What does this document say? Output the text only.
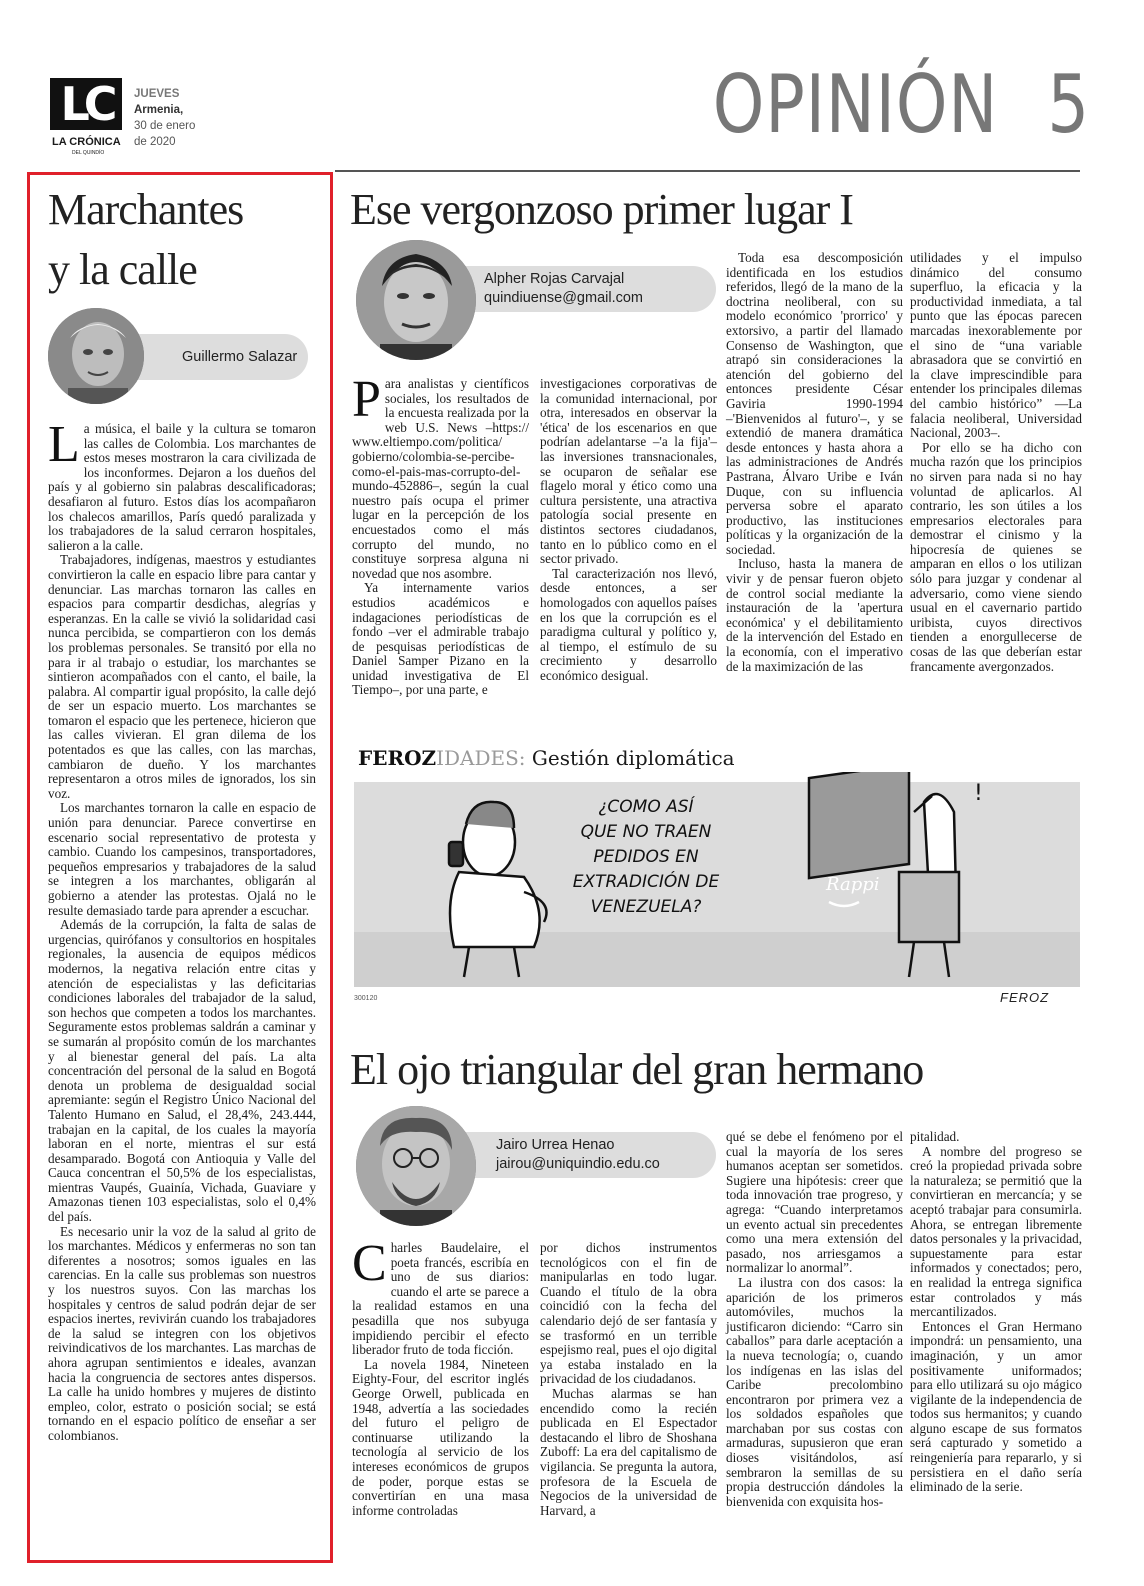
LC
LA CRÓNICA
DEL QUINDÍO
JUEVES
Armenia,
30 de enero
de 2020	OPINIÓN 5
Marchantes
y la calle
Guillermo Salazar

La música, el baile y la cultura se tomaron las calles de Colombia. Los marchantes de estos meses mostraron la cara civilizada de los inconformes. Dejaron a los dueños del país y al gobierno sin palabras descalificadoras; desafiaron al futuro. Estos días los acompañaron los chalecos amarillos, París quedó paralizada y los trabajadores de la salud cerraron hospitales, salieron a la calle.

Trabajadores, indígenas, maestros y estudiantes convirtieron la calle en espacio libre para cantar y denunciar. Las marchas tornaron las calles en espacios para compartir desdichas, alegrías y esperanzas. En la calle se vivió la solidaridad casi nunca percibida, se compartieron con los demás los problemas personales. Se transitó por ella no para ir al trabajo o estudiar, los marchantes se sintieron acompañados con el canto, el baile, la palabra. Al compartir igual propósito, la calle dejó de ser un espacio muerto. Los marchantes se tomaron el espacio que les pertenece, hicieron que las calles vivieran. El gran dilema de los potentados es que las calles, con las marchas, cambiaron de dueño. Y los marchantes representaron a otros miles de ignorados, los sin voz.

Los marchantes tornaron la calle en espacio de unión para denunciar. Parece convertirse en escenario social representativo de protesta y cambio. Cuando los campesinos, transportadores, pequeños empresarios y trabajadores de la salud se integren a los marchantes, obligarán al gobierno a atender las protestas. Ojalá no le resulte demasiado tarde para aprender a escuchar.

Además de la corrupción, la falta de salas de urgencias, quirófanos y consultorios en hospitales regionales, la ausencia de equipos médicos modernos, la negativa relación entre citas y atención de especialistas y las deficitarias condiciones laborales del trabajador de la salud, son hechos que competen a todos los marchantes. Seguramente estos problemas saldrán a caminar y se sumarán al propósito común de los marchantes y al bienestar general del país. La alta concentración del personal de la salud en Bogotá denota un problema de desigualdad social apremiante: según el Registro Único Nacional del Talento Humano en Salud, el 28,4%, 243.444, trabajan en la capital, de los cuales la mayoría laboran en el norte, mientras el sur está desamparado. Bogotá con Antioquia y Valle del Cauca concentran el 50,5% de los especialistas, mientras Vaupés, Guainía, Vichada, Guaviare y Amazonas tienen 103 especialistas, solo el 0,4% del país.

Es necesario unir la voz de la salud al grito de los marchantes. Médicos y enfermeras no son tan diferentes a nosotros; somos iguales en las carencias. En la calle sus problemas son nuestros y los nuestros suyos. Con las marchas los hospitales y centros de salud podrán dejar de ser espacios inertes, revivirán cuando los trabajadores de la salud se integren con los objetivos reivindicativos de los marchantes. Las marchas de ahora agrupan sentimientos e ideales, avanzan hacia la congruencia de sectores antes dispersos. La calle ha unido hombres y mujeres de distinto empleo, color, estrato o posición social; se está tornando en el espacio político de enseñar a ser colombianos.

Ese vergonzoso primer lugar I
Alpher Rojas Carvajal
quindiuense@gmail.com

Para analistas y científicos sociales, los resultados de la encuesta realizada por la web U.S. News –https:// www.eltiempo.com/politica/ gobierno/colombia-se-percibe-como-el-pais-mas-corrupto-del-mundo-452886–, según la cual nuestro país ocupa el primer lugar en la percepción de los encuestados como el más corrupto del mundo, no constituye sorpresa alguna ni novedad que nos asombre.

Ya internamente varios estudios académicos e indagaciones periodísticas de fondo –ver el admirable trabajo de pesquisas periodísticas de Daniel Samper Pizano en la unidad investigativa de El Tiempo–, por una parte, e

investigaciones corporativas de la comunidad internacional, por otra, interesados en observar la 'ética' de los escenarios en que podrían adelantarse –'a la fija'– las inversiones transnacionales, se ocuparon de señalar ese flagelo moral y ético como una cultura persistente, una atractiva patología social presente en distintos sectores ciudadanos, tanto en lo público como en el sector privado.

Tal caracterización nos llevó, desde entonces, a ser homologados con aquellos países en los que la corrupción es el paradigma cultural y político y, al tiempo, el estímulo de su crecimiento y desarrollo económico desigual.

Toda esa descomposición identificada en los estudios referidos, llegó de la mano de la doctrina neoliberal, con su modelo económico 'prorrico' y extorsivo, a partir del llamado Consenso de Washington, que atrapó sin consideraciones la atención del gobierno del entonces presidente César Gaviria 1990-1994 –'Bienvenidos al futuro'–, y se extendió de manera dramática desde entonces y hasta ahora a las administraciones de Andrés Pastrana, Álvaro Uribe e Iván Duque, con su influencia perversa sobre el aparato productivo, las instituciones políticas y la organización de la sociedad.

Incluso, hasta la manera de vivir y de pensar fueron objeto de control social mediante la instauración de la 'apertura económica' y el debilitamiento de la intervención del Estado en la economía, con el imperativo de la maximización de las

utilidades y el impulso dinámico del consumo superfluo, la eficacia y la productividad inmediata, a tal punto que las épocas parecen marcadas inexorablemente por el sino de “una variable abrasadora que se convirtió en la clave imprescindible para entender los principales dilemas del cambio histórico” —La falacia neoliberal, Universidad Nacional, 2003–.

Por ello se ha dicho con mucha razón que los principios no sirven para nada si no hay voluntad de aplicarlos. Al contrario, les son útiles a los empresarios electorales para demostrar el cinismo y la hipocresía de quienes se amparan en ellos o los utilizan sólo para juzgar y condenar al adversario, como viene siendo usual en el cavernario partido uribista, cuyos directivos tienden a enorgullecerse de cosas de las que deberían estar francamente avergonzados.

FEROZIDADES: Gestión diplomática
¿COMO ASÍ
QUE NO TRAEN
PEDIDOS EN
EXTRADICIÓN DE
VENEZUELA?
Rappi
!
300120	FEROZ
El ojo triangular del gran hermano
Jairo Urrea Henao
jairou@uniquindio.edu.co

Charles Baudelaire, el poeta francés, escribía en uno de sus diarios: cuando el arte se parece a la realidad estamos en una pesadilla que nos subyuga impidiendo percibir el efecto liberador fruto de toda ficción.

La novela 1984, Nineteen Eighty-Four, del escritor inglés George Orwell, publicada en 1948, advertía a las sociedades del futuro el peligro de continuarse utilizando la tecnología al servicio de los intereses económicos de grupos de poder, porque estas se convertirían en una masa informe controladas

por dichos instrumentos tecnológicos con el fin de manipularlas en todo lugar. Cuando el título de la obra coincidió con la fecha del calendario dejó de ser fantasía y se trasformó en un terrible espejismo real, pues el ojo digital ya estaba instalado en la privacidad de los ciudadanos.

Muchas alarmas se han encendido como la recién publicada en El Espectador destacando el libro de Shoshana Zuboff: La era del capitalismo de vigilancia. Se pregunta la autora, profesora de la Escuela de Negocios de la universidad de Harvard, a

qué se debe el fenómeno por el cual la mayoría de los seres humanos aceptan ser sometidos. Sugiere una hipótesis: creer que toda innovación trae progreso, y agrega: “Cuando interpretamos un evento actual sin precedentes como una mera extensión del pasado, nos arriesgamos a normalizar lo anormal”.

La ilustra con dos casos: la aparición de los primeros automóviles, muchos la justificaron diciendo: “Carro sin caballos” para darle aceptación a la nueva tecnología; o, cuando los indígenas en las islas del Caribe precolombino encontraron por primera vez a los soldados españoles que marchaban por sus costas con armaduras, supusieron que eran dioses visitándolos, así sembraron la semillas de su propia destrucción dándoles la bienvenida con exquisita hos-

pitalidad.

A nombre del progreso se creó la propiedad privada sobre la naturaleza; se permitió que la convirtieran en mercancía; y se aceptó trabajar para consumirla. Ahora, se entregan libremente datos personales y la privacidad, supuestamente para estar informados y conectados; pero, en realidad la entrega significa estar controlados y más mercantilizados.

Entonces el Gran Hermano impondrá: un pensamiento, una imaginación, y un amor positivamente uniformados; para ello utilizará su ojo mágico vigilante de la independencia de todos sus hermanitos; y cuando alguno escape de sus formatos será capturado y sometido a reingeniería para repararlo, y si persistiera en el daño sería eliminado de la serie.
